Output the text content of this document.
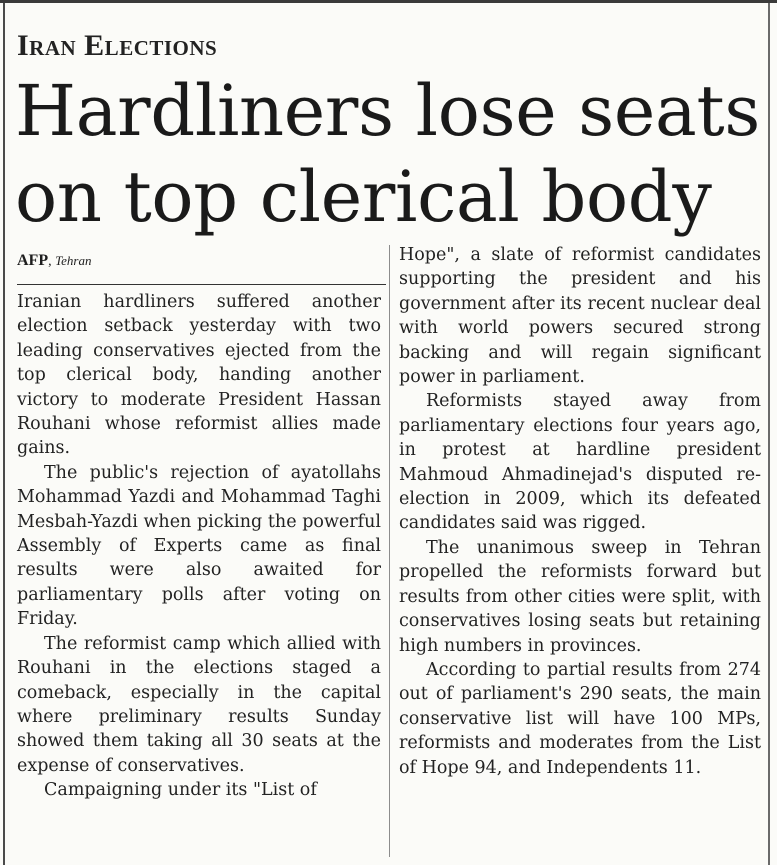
Iran Elections
Hardliners lose seats
on top clerical body

AFP, Tehran

Iranian hardliners suffered another election setback yesterday with two leading conservatives ejected from the top clerical body, handing another victory to moderate President Hassan Rouhani whose reformist allies made gains.

The public's rejection of ayatollahs Mohammad Yazdi and Mohammad Taghi Mesbah-Yazdi when picking the powerful Assembly of Experts came as final results were also awaited for parliamentary polls after voting on Friday.

The reformist camp which allied with Rouhani in the elections staged a comeback, especially in the capital where preliminary results Sunday showed them taking all 30 seats at the expense of conservatives.

Campaigning under its "List of

Hope", a slate of reformist candidates supporting the president and his government after its recent nuclear deal with world powers secured strong backing and will regain significant power in parliament.

Reformists stayed away from parliamentary elections four years ago, in protest at hardline president Mahmoud Ahmadinejad's disputed re-election in 2009, which its defeated candidates said was rigged.

The unanimous sweep in Tehran propelled the reformists forward but results from other cities were split, with conservatives losing seats but retaining high numbers in provinces.

According to partial results from 274 out of parliament's 290 seats, the main conservative list will have 100 MPs, reformists and moderates from the List of Hope 94, and Independents 11.
